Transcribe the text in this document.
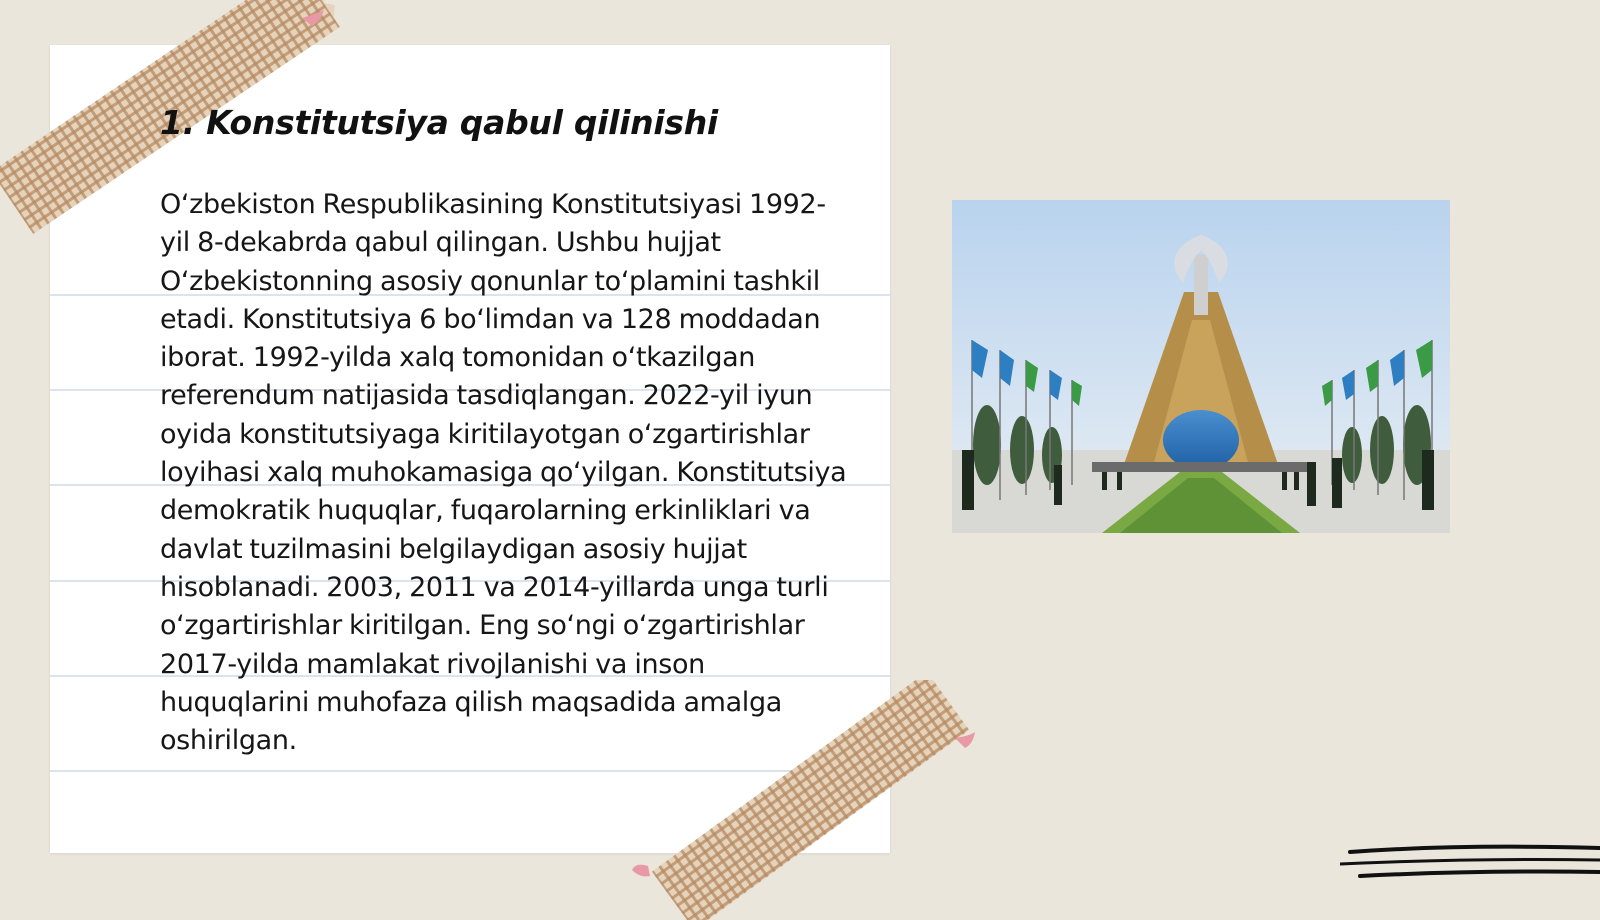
1. Konstitutsiya qabul qilinishi

O‘zbekiston Respublikasining Konstitutsiyasi 1992-yil 8-dekabrda qabul qilingan. Ushbu hujjat O‘zbekistonning asosiy qonunlar to‘plamini tashkil etadi. Konstitutsiya 6 bo‘limdan va 128 moddadan iborat. 1992-yilda xalq tomonidan o‘tkazilgan referendum natijasida tasdiqlangan. 2022-yil iyun oyida konstitutsiyaga kiritilayotgan o‘zgartirishlar loyihasi xalq muhokamasiga qo‘yilgan. Konstitutsiya demokratik huquqlar, fuqarolarning erkinliklari va davlat tuzilmasini belgilaydigan asosiy hujjat hisoblanadi. 2003, 2011 va 2014-yillarda unga turli o‘zgartirishlar kiritilgan. Eng so‘ngi o‘zgartirishlar 2017-yilda mamlakat rivojlanishi va inson huquqlarini muhofaza qilish maqsadida amalga oshirilgan.
